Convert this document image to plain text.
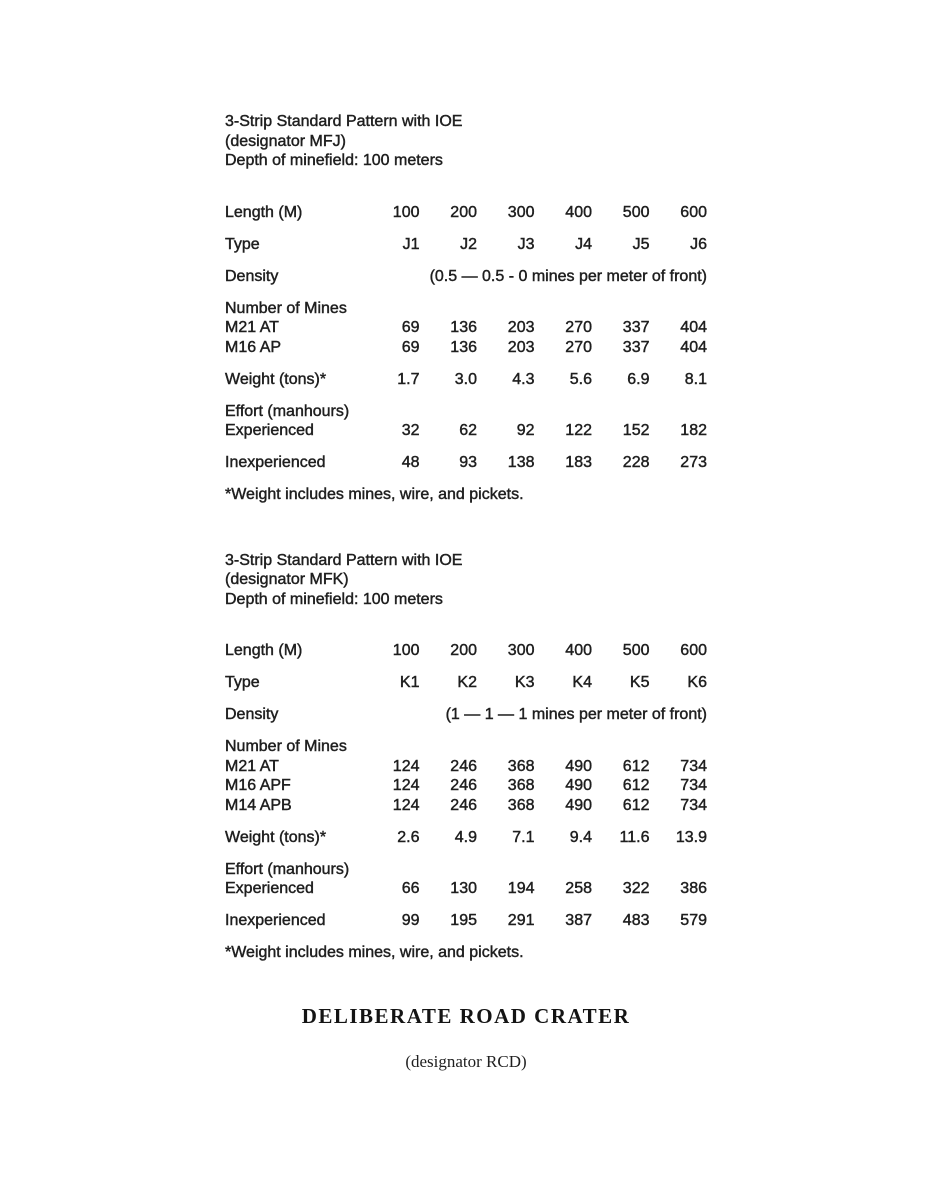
3-Strip Standard Pattern with IOE
(designator MFJ)
Depth of minefield: 100 meters
Length (M)	100	200	300	400	500	600
Type	J1	J2	J3	J4	J5	J6
Density	(0.5 — 0.5 - 0 mines per meter of front)
Number of Mines
M21 AT	69	136	203	270	337	404
M16 AP	69	136	203	270	337	404
Weight (tons)*	1.7	3.0	4.3	5.6	6.9	8.1
Effort (manhours)
Experienced	32	62	92	122	152	182
Inexperienced	48	93	138	183	228	273
*Weight includes mines, wire, and pickets.
3-Strip Standard Pattern with IOE
(designator MFK)
Depth of minefield: 100 meters
Length (M)	100	200	300	400	500	600
Type	K1	K2	K3	K4	K5	K6
Density	(1 — 1 — 1 mines per meter of front)
Number of Mines
M21 AT	124	246	368	490	612	734
M16 APF	124	246	368	490	612	734
M14 APB	124	246	368	490	612	734
Weight (tons)*	2.6	4.9	7.1	9.4	11.6	13.9
Effort (manhours)
Experienced	66	130	194	258	322	386
Inexperienced	99	195	291	387	483	579
*Weight includes mines, wire, and pickets.
DELIBERATE ROAD CRATER
(designator RCD)
